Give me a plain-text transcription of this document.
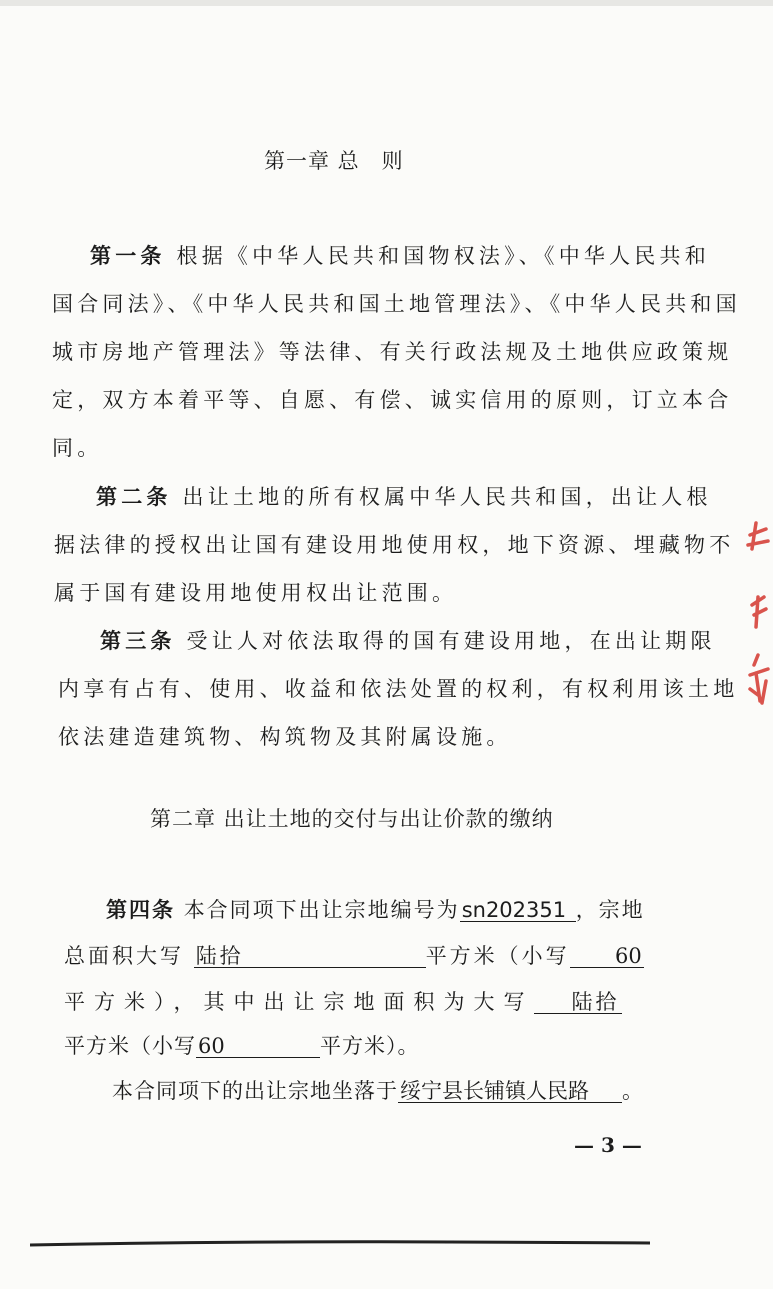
第一章 总　则
第一条 根据《中华人民共和国物权法》、《中华人民共和
国合同法》、《中华人民共和国土地管理法》、《中华人民共和国
城市房地产管理法》等法律、有关行政法规及土地供应政策规
定，双方本着平等、自愿、有偿、诚实信用的原则，订立本合
同。
第二条 出让土地的所有权属中华人民共和国，出让人根
据法律的授权出让国有建设用地使用权，地下资源、埋藏物不
属于国有建设用地使用权出让范围。
第三条 受让人对依法取得的国有建设用地，在出让期限
内享有占有、使用、收益和依法处置的权利，有权利用该土地
依法建造建筑物、构筑物及其附属设施。
第二章 出让土地的交付与出让价款的缴纳
第四条 本合同项下出让宗地编号为sn202351 ，宗地
总面积大写 陆拾	平方米（小写 60
平方米），其中出让宗地面积为大写 陆拾
平方米（小写60	平方米）。
本合同项下的出让宗地坐落于绥宁县长铺镇人民路 。
— 3 —
